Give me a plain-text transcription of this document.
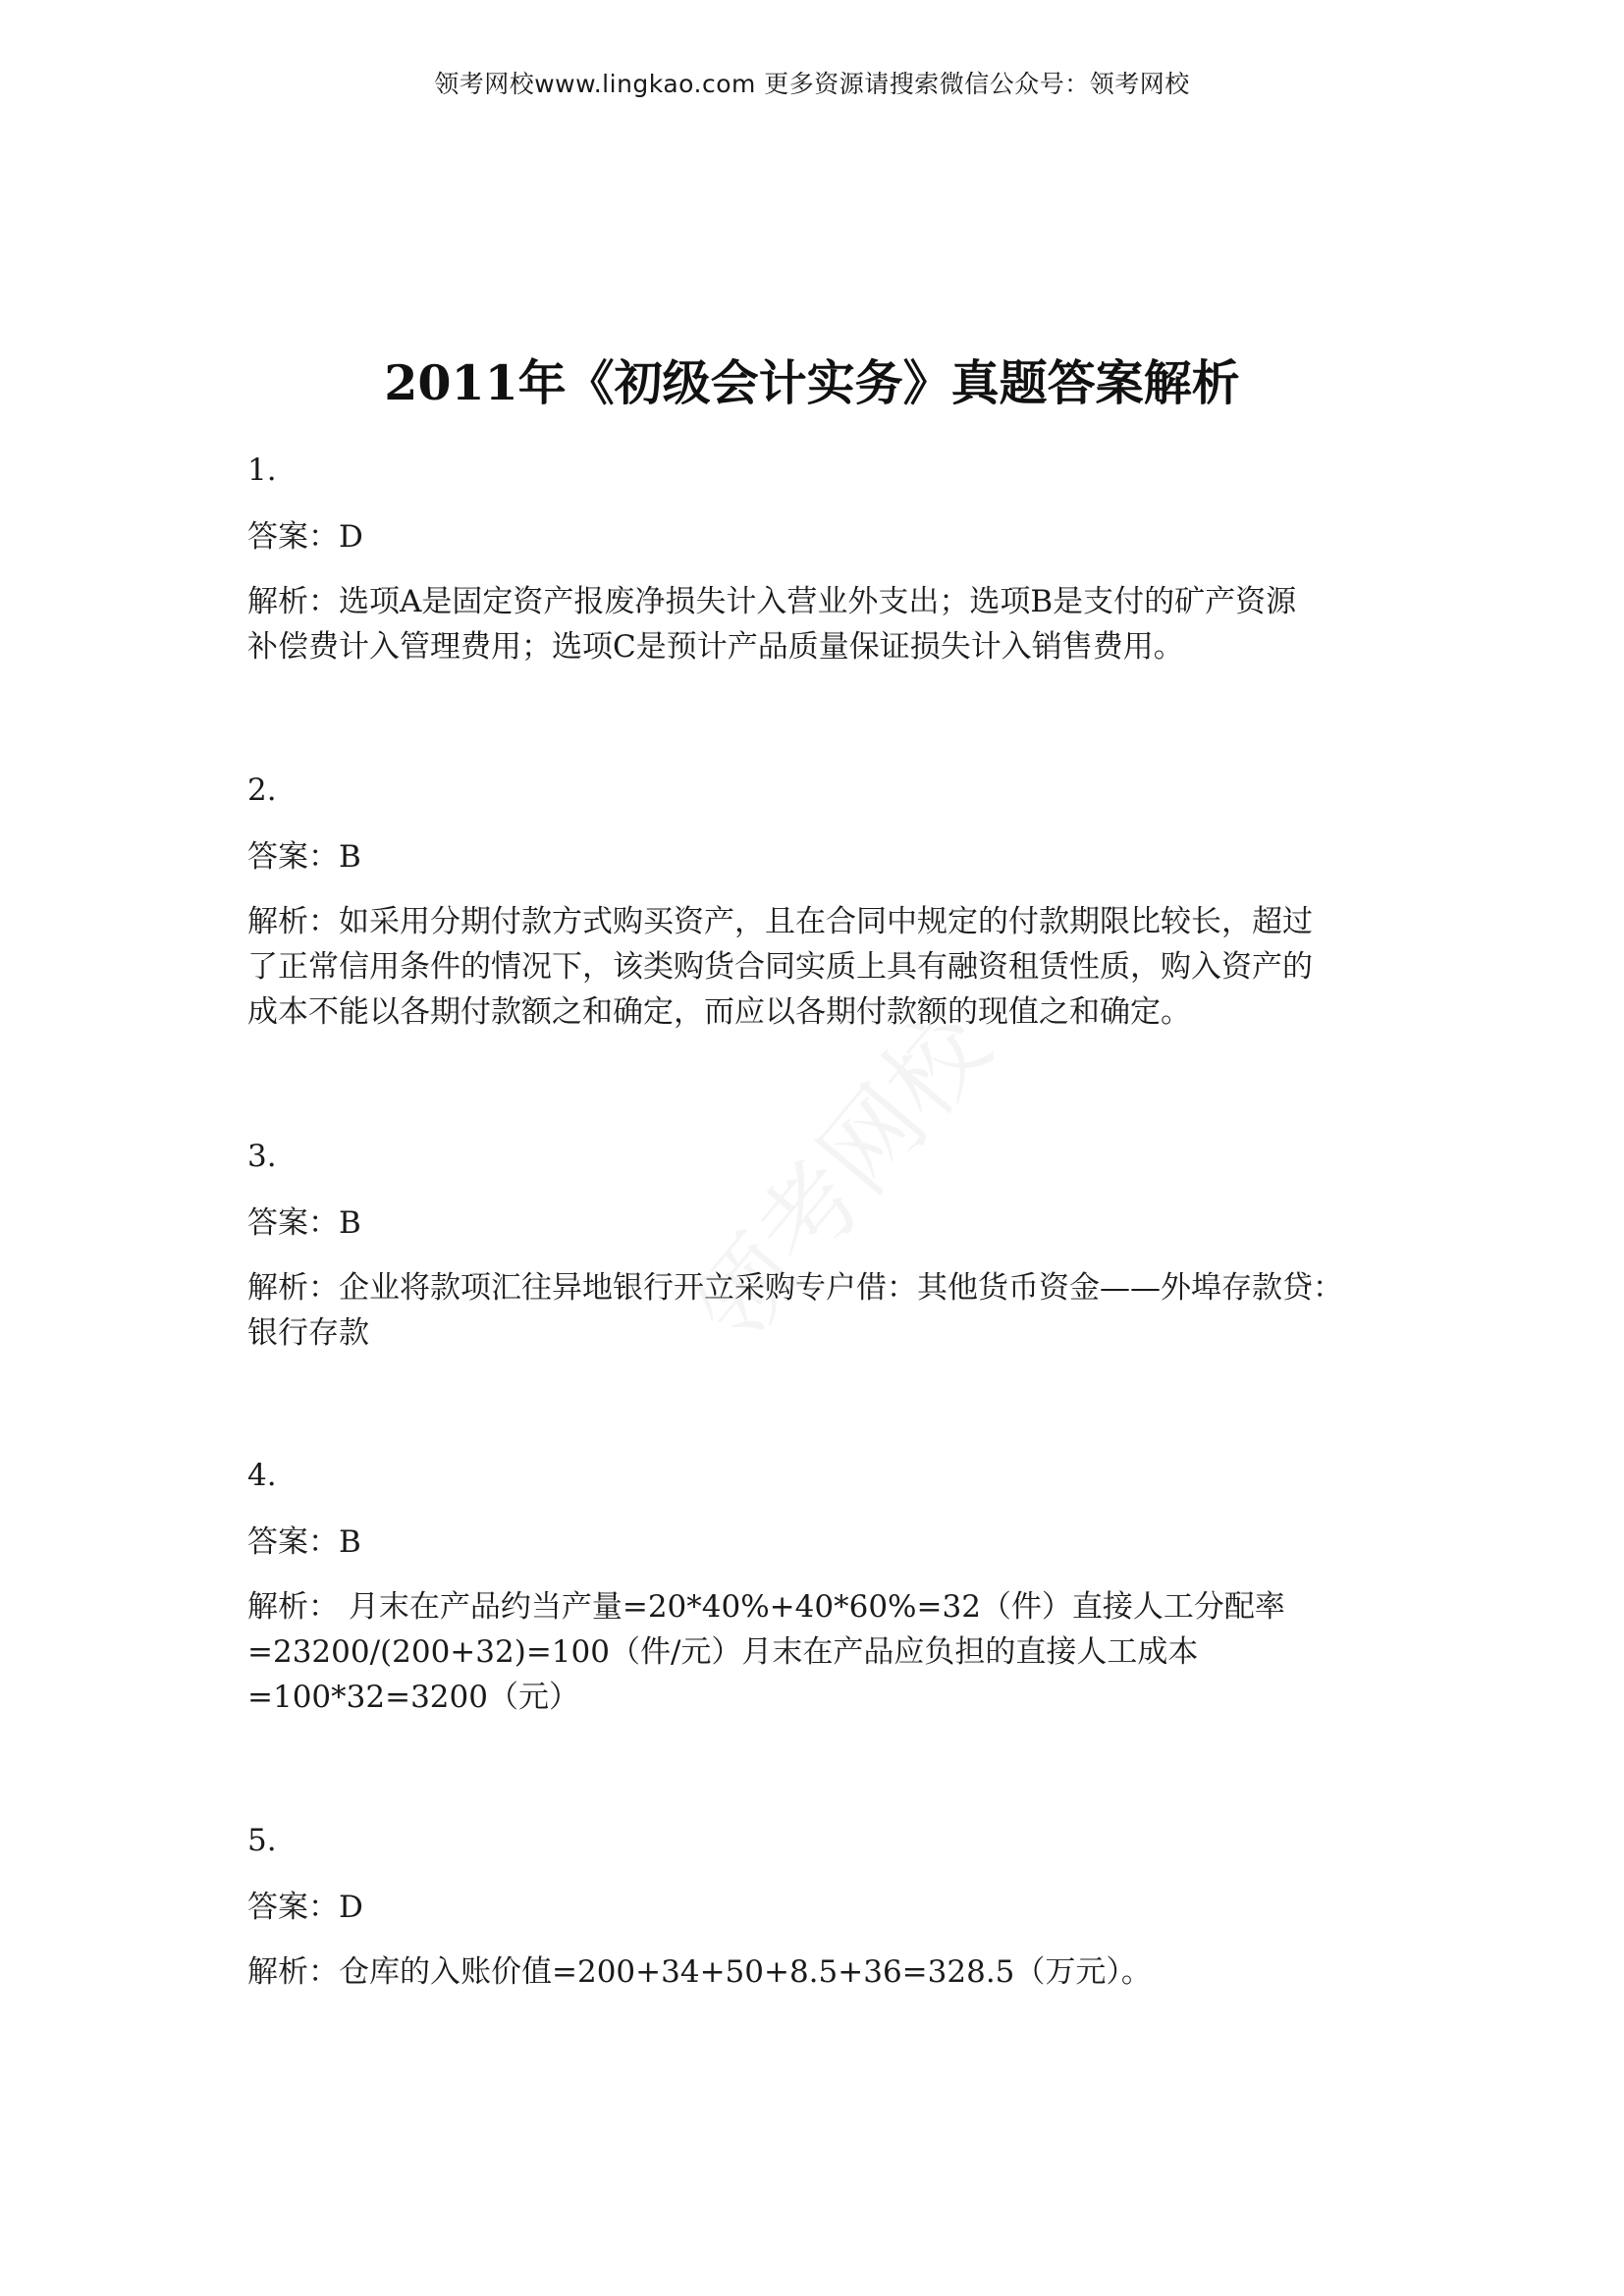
领考网校www.lingkao.com 更多资源请搜索微信公众号：领考网校
2011年《初级会计实务》真题答案解析

1.

答案：D

解析：选项A是固定资产报废净损失计入营业外支出；选项B是支付的矿产资源
补偿费计入管理费用；选项C是预计产品质量保证损失计入销售费用。

2.

答案：B

解析：如采用分期付款方式购买资产，且在合同中规定的付款期限比较长，超过
了正常信用条件的情况下，该类购货合同实质上具有融资租赁性质，购入资产的
成本不能以各期付款额之和确定，而应以各期付款额的现值之和确定。

3.

答案：B

解析：企业将款项汇往异地银行开立采购专户借：其他货币资金——外埠存款贷：
银行存款

4.

答案：B

解析： 月末在产品约当产量=20*40%+40*60%=32（件）直接人工分配率
=23200/(200+32)=100（件/元）月末在产品应负担的直接人工成本
=100*32=3200（元）

5.

答案：D

解析：仓库的入账价值=200+34+50+8.5+36=328.5（万元）。
